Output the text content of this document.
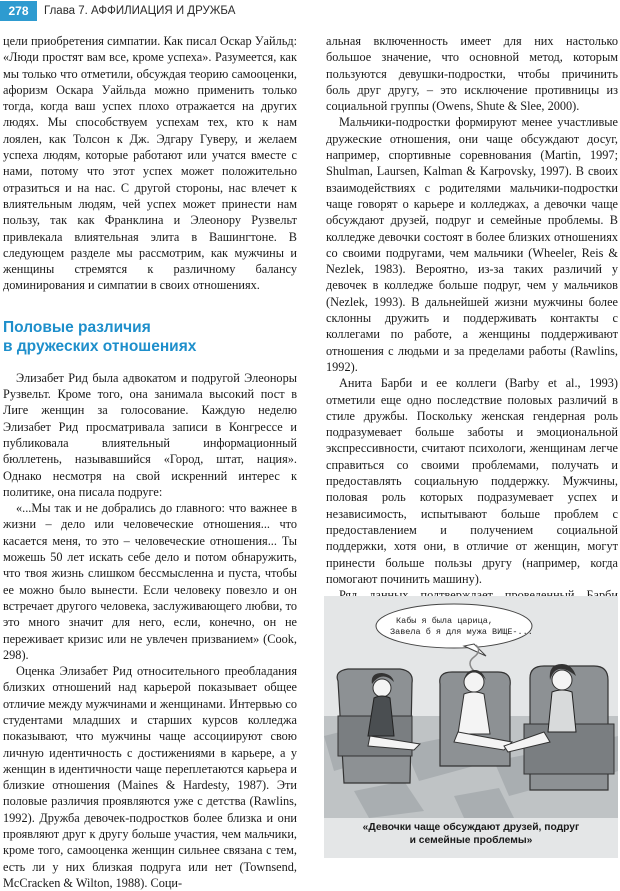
278	Глава 7. АФФИЛИАЦИЯ И ДРУЖБА

цели приобретения симпатии. Как писал Оскар Уайльд: «Люди простят вам все, кроме успеха». Разумеется, как мы только что отметили, обсуждая теорию самооценки, афоризм Оскара Уайльда можно применить только тогда, когда ваш успех плохо отражается на других людях. Мы способствуем успехам тех, кто к нам лоялен, как Толсон к Дж. Эдгару Гуверу, и желаем успеха людям, которые работают или учатся вместе с нами, потому что этот успех может положительно отразиться и на нас. С другой стороны, нас влечет к влиятельным людям, чей успех может принести нам пользу, так как Франклина и Элеонору Рузвельт привлекала влиятельная элита в Вашингтоне. В следующем разделе мы рассмотрим, как мужчины и женщины стремятся к различному балансу доминирования и симпатии в своих отношениях.

Половые различия
в дружеских отношениях

Элизабет Рид была адвокатом и подругой Элеоноры Рузвельт. Кроме того, она занимала высокий пост в Лиге женщин за голосование. Каждую неделю Элизабет Рид просматривала записи в Конгрессе и публиковала влиятельный информационный бюллетень, называвшийся «Город, штат, нация». Однако несмотря на свой искренний интерес к политике, она писала подруге:

«...Мы так и не добрались до главного: что важнее в жизни – дело или человеческие отношения... что касается меня, то это – человеческие отношения... Ты можешь 50 лет искать себе дело и потом обнаружить, что твоя жизнь слишком бессмысленна и пуста, чтобы ее можно было вынести. Если человеку повезло и он встречает другого человека, заслуживающего любви, то это много значит для него, если, конечно, он не переживает кризис или не увлечен призванием» (Cook, 298).

Оценка Элизабет Рид относительного преобладания близких отношений над карьерой показывает общее отличие между мужчинами и женщинами. Интервью со студентами младших и старших курсов колледжа показывают, что мужчины чаще ассоциируют свою личную идентичность с достижениями в карьере, а у женщин в идентичности чаще переплетаются карьера и близкие отношения (Maines & Hardesty, 1987). Эти половые различия проявляются уже с детства (Rawlins, 1992). Дружба девочек-подростков более близка и они проявляют друг к другу больше участия, чем мальчики, кроме того, самооценка женщин сильнее связана с тем, есть ли у них близкая подруга или нет (Townsend, McCracken & Wilton, 1988). Соци-

альная включенность имеет для них настолько большое значение, что основной метод, которым пользуются девушки-подростки, чтобы причинить боль друг другу, – это исключение противницы из социальной группы (Owens, Shute & Slee, 2000).

Мальчики-подростки формируют менее участливые дружеские отношения, они чаще обсуждают досуг, например, спортивные соревнования (Martin, 1997; Shulman, Laursen, Kalman & Karpovsky, 1997). В своих взаимодействиях с родителями мальчики-подростки чаще говорят о карьере и колледжах, а девочки чаще обсуждают друзей, подруг и семейные проблемы. В колледже девочки состоят в более близких отношениях со своими подругами, чем мальчики (Wheeler, Reis & Nezlek, 1983). Вероятно, из-за таких различий у девочек в колледже больше подруг, чем у мальчиков (Nezlek, 1993). В дальнейшей жизни мужчины более склонны дружить и поддерживать контакты с коллегами по работе, а женщины поддерживают отношения с людьми и за пределами работы (Rawlins, 1992).

Анита Барби и ее коллеги (Barby et al., 1993) отметили еще одно последствие половых различий в стиле дружбы. Поскольку женская гендерная роль подразумевает больше заботы и эмоциональной экспрессивности, считают психологи, женщинам легче справиться со своими проблемами, получать и предоставлять социальную поддержку. Мужчины, половая роль которых подразумевает успех и независимость, испытывают больше проблем с предоставлением и получением социальной поддержки, хотя они, в отличие от женщин, могут принести больше пользы другу (например, когда помогают починить машину).

Кабы я была царица,
Завела б я для мужа ВИЩЕ-...
«Девочки чаще обсуждают друзей, подруг
и семейные проблемы»
